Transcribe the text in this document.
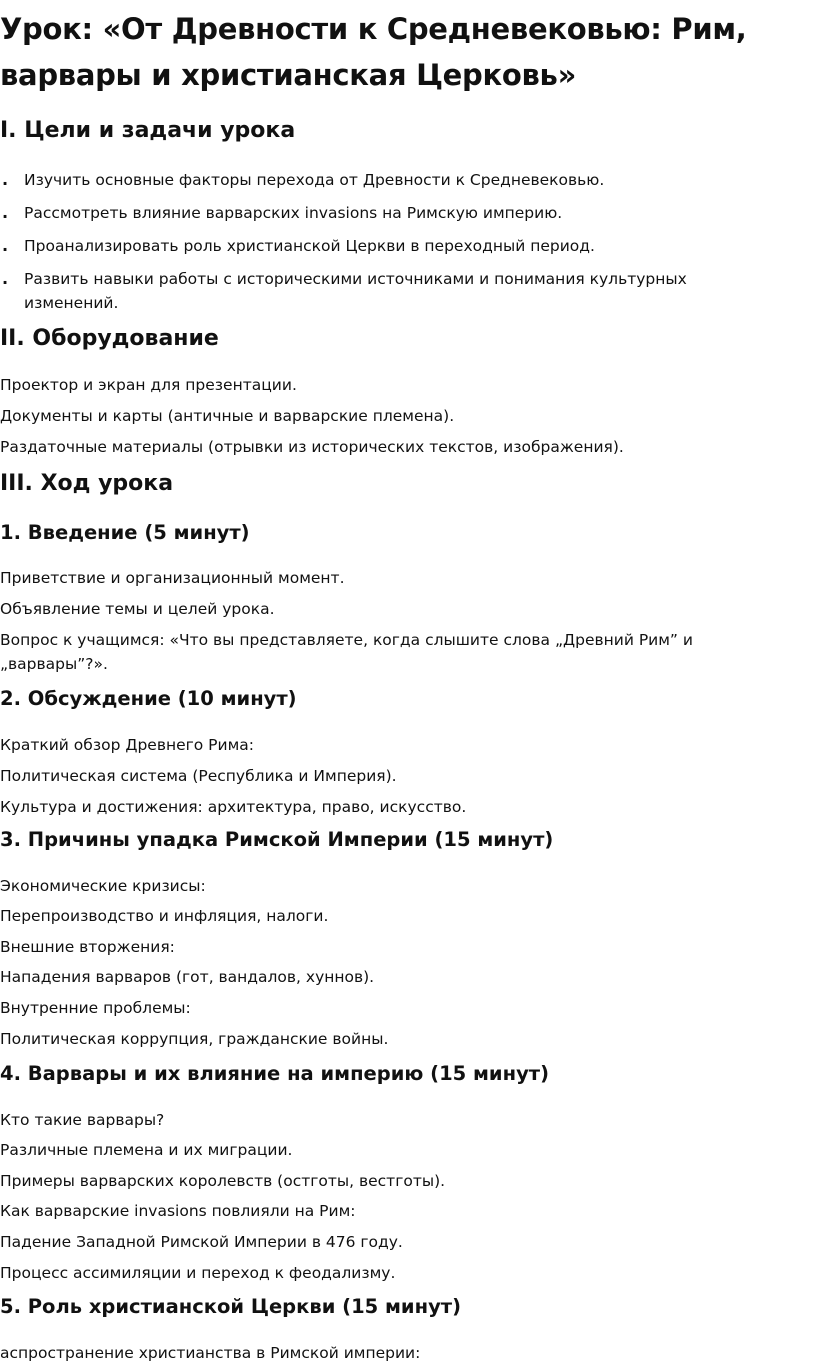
Урок: «От Древности к Средневековью: Рим, варвары и христианская Церковь»
I. Цели и задачи урока
. Изучить основные факторы перехода от Древности к Средневековью.
. Рассмотреть влияние варварских invasions на Римскую империю.
. Проанализировать роль христианской Церкви в переходный период.
. Развить навыки работы с историческими источниками и понимания культурных изменений.
II. Оборудование
Проектор и экран для презентации.
Документы и карты (античные и варварские племена).
Раздаточные материалы (отрывки из исторических текстов, изображения).
III. Ход урока
1. Введение (5 минут)
Приветствие и организационный момент.
Объявление темы и целей урока.
Вопрос к учащимся: «Что вы представляете, когда слышите слова „Древний Рим” и „варвары”?».
2. Обсуждение (10 минут)
Краткий обзор Древнего Рима:
Политическая система (Республика и Империя).
Культура и достижения: архитектура, право, искусство.
3. Причины упадка Римской Империи (15 минут)
Экономические кризисы:
Перепроизводство и инфляция, налоги.
Внешние вторжения:
Нападения варваров (гот, вандалов, хуннов).
Внутренние проблемы:
Политическая коррупция, гражданские войны.
4. Варвары и их влияние на империю (15 минут)
Кто такие варвары?
Различные племена и их миграции.
Примеры варварских королевств (остготы, вестготы).
Как варварские invasions повлияли на Рим:
Падение Западной Римской Империи в 476 году.
Процесс ассимиляции и переход к феодализму.
5. Роль христианской Церкви (15 минут)
аспространение христианства в Римской империи:
